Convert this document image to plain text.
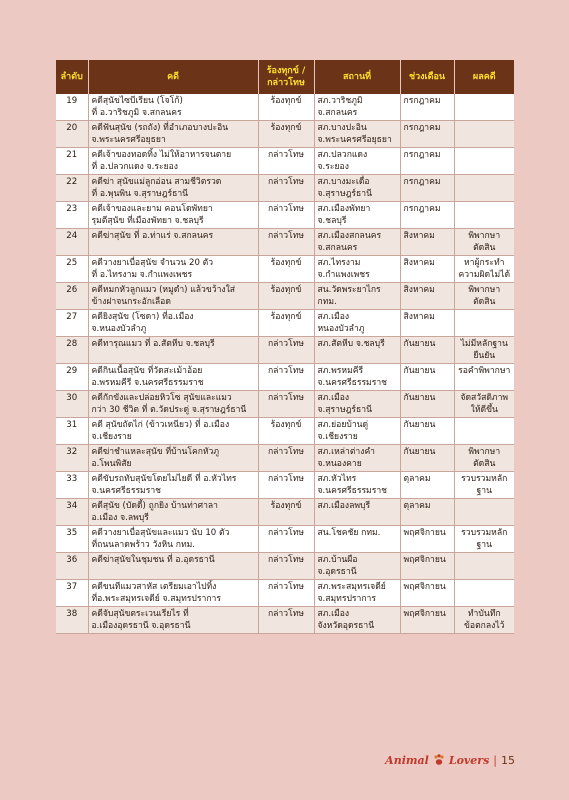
ลำดับ	คดี	ร้องทุกข์ /
กล่าวโทษ	สถานที่	ช่วงเดือน	ผลคดี
19	คดีสุนัขไซบีเรียน (โจโก้)
ที่ อ.วาริชภูมิ จ.สกลนคร	ร้องทุกข์	สภ.วาริชภูมิ
จ.สกลนคร	กรกฎาคม	
20	คดีฟันสุนัข (รถถัง) ที่อำเภอบางปะอิน
จ.พระนครศรีอยุธยา	ร้องทุกข์	สภ.บางปะอิน
จ.พระนครศรีอยุธยา	กรกฎาคม	
21	คดีเจ้าของทอดทิ้ง ไม่ให้อาหารจนตาย
ที่ อ.ปลวกแดง จ.ระยอง	กล่าวโทษ	สภ.ปลวกแดง
จ.ระยอง	กรกฎาคม	
22	คดีฆ่า สุนัขแม่ลูกอ่อน สามชีวิตรวด
ที่ อ.พุนพิน จ.สุราษฎร์ธานี	กล่าวโทษ	สภ.บางมะเดื่อ
จ.สุราษฎร์ธานี	กรกฎาคม	
23	คดีเจ้าของและยาม คอนโดพัทยา
รุมตีสุนัข ที่เมืองพัทยา จ.ชลบุรี	กล่าวโทษ	สภ.เมืองพัทยา
จ.ชลบุรี	กรกฎาคม	
24	คดีฆ่าสุนัข ที่ อ.ท่าแร่ จ.สกลนคร	กล่าวโทษ	สภ.เมืองสกลนคร
จ.สกลนคร	สิงหาคม	พิพากษาตัดสิน
25	คดีวางยาเบื่อสุนัข จำนวน 20 ตัว
ที่ อ.ไทรงาม จ.กำแพงเพชร	ร้องทุกข์	สภ.ไทรงาม
จ.กำแพงเพชร	สิงหาคม	หาผู้กระทำ
ความผิดไม่ได้
26	คดีหมกหัวลูกแมว (หมูดำ) แล้วขว้างใส่
ข้างฝาจนกระอักเลือด	ร้องทุกข์	สน.วัดพระยาไกร
กทม.	สิงหาคม	พิพากษาตัดสิน
27	คดียิงสุนัข (โซดา) ที่อ.เมือง
จ.หนองบัวลำภู	ร้องทุกข์	สภ.เมือง
หนองบัวลำภู	สิงหาคม	
28	คดีทารุณแมว ที่ อ.สัตหีบ จ.ชลบุรี	กล่าวโทษ	สภ.สัตหีบ จ.ชลบุรี	กันยายน	ไม่มีหลักฐานยืนยัน
29	คดีกินเนื้อสุนัข ที่วัดสะเม้าอ้อย
อ.พรหมคีรี จ.นครศรีธรรมราช	กล่าวโทษ	สภ.พรหมคีรี
จ.นครศรีธรรมราช	กันยายน	รอคำพิพากษา
30	คดีกักขังและปล่อยหิวโซ สุนัขและแมว
กว่า 30 ชีวิต ที่ ต.วัดประดู่ จ.สุราษฎร์ธานี	กล่าวโทษ	สภ.เมือง
จ.สุราษฎร์ธานี	กันยายน	จัดสวัสดิภาพ
ให้ดีขึ้น
31	คดี สุนัขถัดไก่ (ข้าวเหนียว) ที่ อ.เมือง
จ.เชียงราย	ร้องทุกข์	สภ.ย่อยบ้านดู่
จ.เชียงราย	กันยายน	
32	คดีฆ่าชำแหละสุนัข ที่บ้านโคกหัวภู
อ.โพนพิสัย	กล่าวโทษ	สภ.เหล่าต่างคำ
จ.หนองคาย	กันยายน	พิพากษาตัดสิน
33	คดีขับรถทับสุนัขโดยไม่ไยดี ที่ อ.หัวไทร
จ.นครศรีธรรมราช	กล่าวโทษ	สภ.หัวไทร
จ.นครศรีธรรมราช	ตุลาคม	รวบรวมหลักฐาน
34	คดีสุนัข (บัดดี้) ถูกยิง บ้านท่าศาลา
อ.เมือง จ.ลพบุรี	ร้องทุกข์	สภ.เมืองลพบุรี	ตุลาคม	
35	คดีวางยาเบื่อสุนัขและแมว นับ 10 ตัว
ที่ถนนลาดพร้าว วังหิน กทม.	กล่าวโทษ	สน.โชคชัย กทม.	พฤศจิกายน	รวบรวมหลักฐาน
36	คดีฆ่าสุนัขในชุมชน ที่ อ.อุดรธานี	กล่าวโทษ	สภ.บ้านผือ
จ.อุดรธานี	พฤศจิกายน	
37	คดีขนทีแมวสาหัส เตรียมเอาไปทิ้ง
ที่อ.พระสมุทรเจดีย์ จ.สมุทรปราการ	กล่าวโทษ	สภ.พระสมุทรเจดีย์
จ.สมุทรปราการ	พฤศจิกายน	
38	คดีจับสุนัขตระเวนเรียไร ที่
อ.เมืองอุดรธานี จ.อุดรธานี	กล่าวโทษ	สภ.เมือง
จังหวัดอุดรธานี	พฤศจิกายน	ทำบันทึก
ข้อตกลงไว้
Animal Lovers | 15
